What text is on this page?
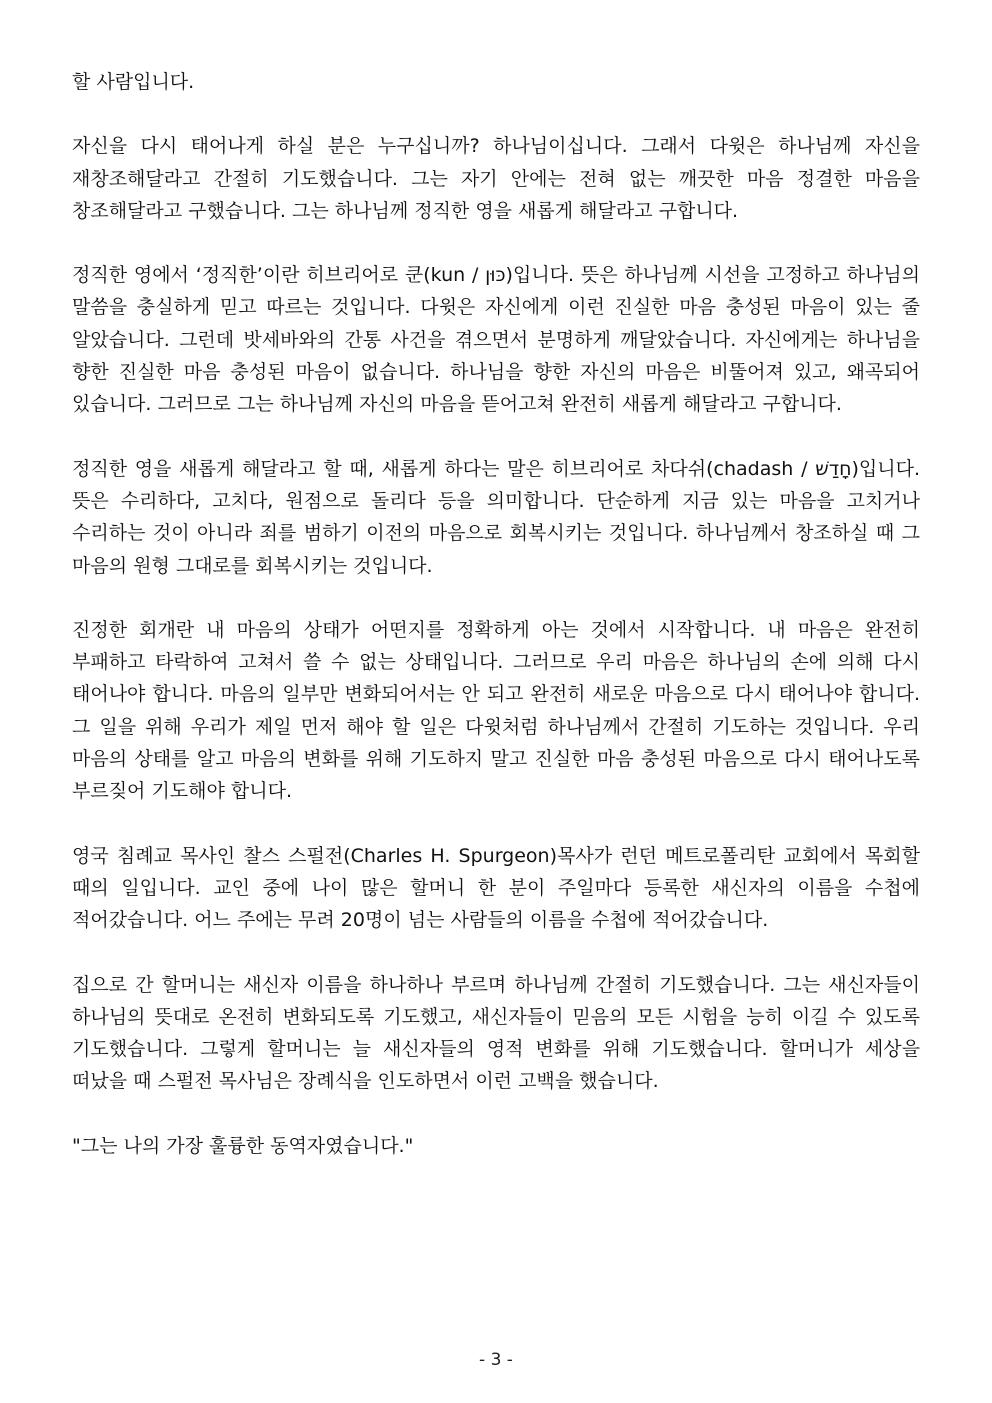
할 사람입니다.

자신을 다시 태어나게 하실 분은 누구십니까? 하나님이십니다. 그래서 다윗은 하나님께 자신을 재창조해달라고 간절히 기도했습니다. 그는 자기 안에는 전혀 없는 깨끗한 마음 정결한 마음을 창조해달라고 구했습니다. 그는 하나님께 정직한 영을 새롭게 해달라고 구합니다.

정직한 영에서 ‘정직한’이란 히브리어로 쿤(kun / כּוּן)입니다. 뜻은 하나님께 시선을 고정하고 하나님의 말씀을 충실하게 믿고 따르는 것입니다. 다윗은 자신에게 이런 진실한 마음 충성된 마음이 있는 줄 알았습니다. 그런데 밧세바와의 간통 사건을 겪으면서 분명하게 깨달았습니다. 자신에게는 하나님을 향한 진실한 마음 충성된 마음이 없습니다. 하나님을 향한 자신의 마음은 비뚤어져 있고, 왜곡되어 있습니다. 그러므로 그는 하나님께 자신의 마음을 뜯어고쳐 완전히 새롭게 해달라고 구합니다.

정직한 영을 새롭게 해달라고 할 때, 새롭게 하다는 말은 히브리어로 차다쉬(chadash / חָדַשׁ)입니다. 뜻은 수리하다, 고치다, 원점으로 돌리다 등을 의미합니다. 단순하게 지금 있는 마음을 고치거나 수리하는 것이 아니라 죄를 범하기 이전의 마음으로 회복시키는 것입니다. 하나님께서 창조하실 때 그 마음의 원형 그대로를 회복시키는 것입니다.

진정한 회개란 내 마음의 상태가 어떤지를 정확하게 아는 것에서 시작합니다. 내 마음은 완전히 부패하고 타락하여 고쳐서 쓸 수 없는 상태입니다. 그러므로 우리 마음은 하나님의 손에 의해 다시 태어나야 합니다. 마음의 일부만 변화되어서는 안 되고 완전히 새로운 마음으로 다시 태어나야 합니다. 그 일을 위해 우리가 제일 먼저 해야 할 일은 다윗처럼 하나님께서 간절히 기도하는 것입니다. 우리 마음의 상태를 알고 마음의 변화를 위해 기도하지 말고 진실한 마음 충성된 마음으로 다시 태어나도록 부르짖어 기도해야 합니다.

영국 침례교 목사인 찰스 스펄전(Charles H. Spurgeon)목사가 런던 메트로폴리탄 교회에서 목회할 때의 일입니다. 교인 중에 나이 많은 할머니 한 분이 주일마다 등록한 새신자의 이름을 수첩에 적어갔습니다. 어느 주에는 무려 20명이 넘는 사람들의 이름을 수첩에 적어갔습니다.

집으로 간 할머니는 새신자 이름을 하나하나 부르며 하나님께 간절히 기도했습니다. 그는 새신자들이 하나님의 뜻대로 온전히 변화되도록 기도했고, 새신자들이 믿음의 모든 시험을 능히 이길 수 있도록 기도했습니다. 그렇게 할머니는 늘 새신자들의 영적 변화를 위해 기도했습니다. 할머니가 세상을 떠났을 때 스펄전 목사님은 장례식을 인도하면서 이런 고백을 했습니다.

"그는 나의 가장 훌륭한 동역자였습니다."

- 3 -
